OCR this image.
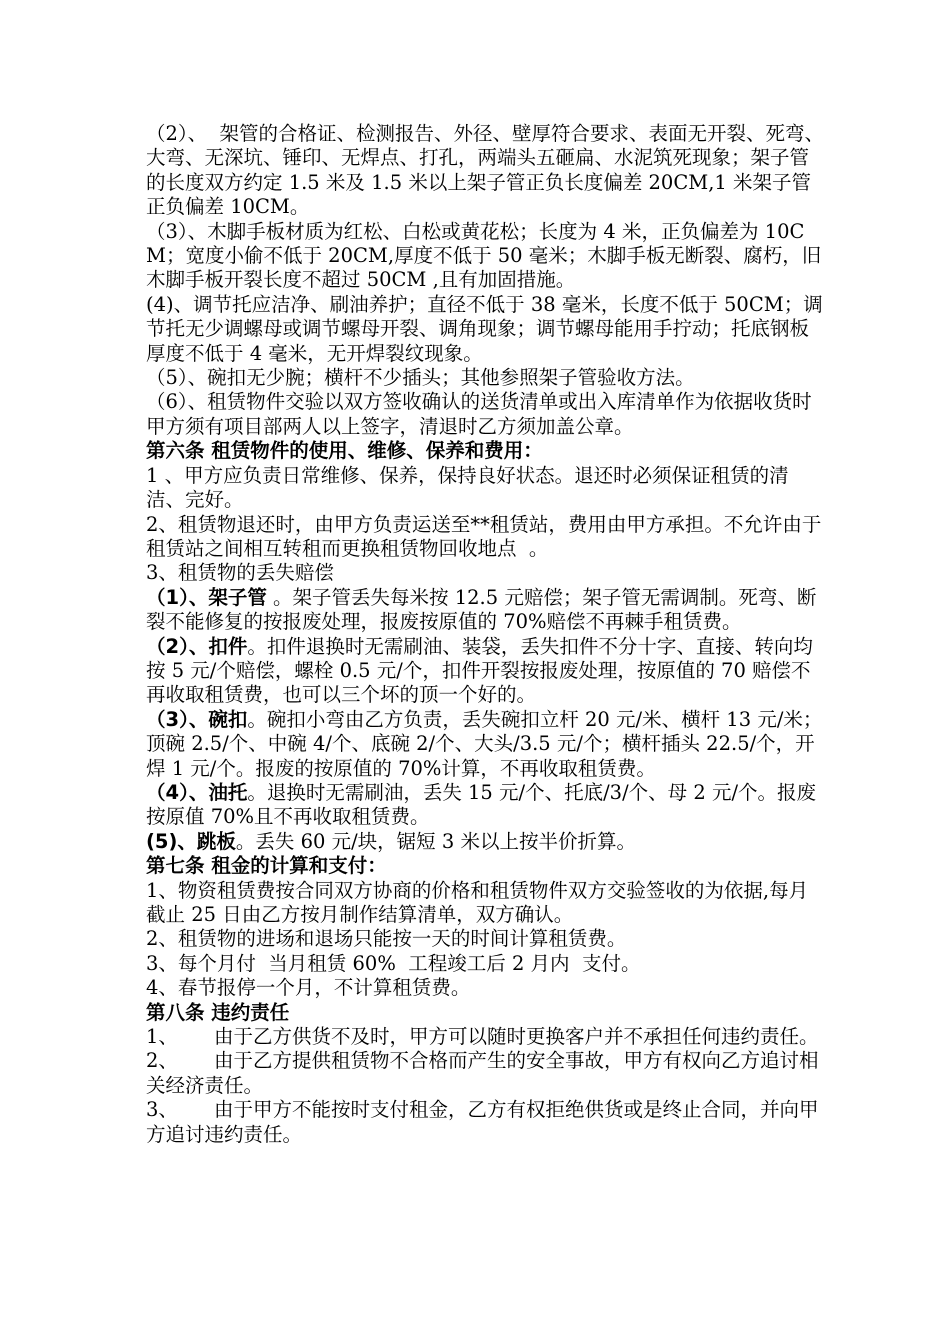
（2）、  架管的合格证、检测报告、外径、壁厚符合要求、表面无开裂、死弯、大弯、无深坑、锤印、无焊点、打孔，两端头五砸扁、水泥筑死现象；架子管的长度双方约定 1.5 米及 1.5 米以上架子管正负长度偏差 20CM,1 米架子管正负偏差 10CM。

（3）、木脚手板材质为红松、白松或黄花松；长度为 4 米，正负偏差为 10CM；宽度小偷不低于 20CM,厚度不低于 50 毫米；木脚手板无断裂、腐朽，旧木脚手板开裂长度不超过 50CM ,且有加固措施。

(4)、调节托应洁净、刷油养护；直径不低于 38 毫米，长度不低于 50CM；调节托无少调螺母或调节螺母开裂、调角现象；调节螺母能用手拧动；托底钢板厚度不低于 4 毫米，无开焊裂纹现象。

（5）、碗扣无少腕；横杆不少插头；其他参照架子管验收方法。

（6）、租赁物件交验以双方签收确认的送货清单或出入库清单作为依据收货时甲方须有项目部两人以上签字，清退时乙方须加盖公章。

第六条 租赁物件的使用、维修、保养和费用：

1 、甲方应负责日常维修、保养，保持良好状态。退还时必须保证租赁的清洁、完好。

2、租赁物退还时，由甲方负责运送至**租赁站，费用由甲方承担。不允许由于租赁站之间相互转租而更换租赁物回收地点  。

3、租赁物的丢失赔偿

（1）、架子管 。架子管丢失每米按 12.5 元赔偿；架子管无需调制。死弯、断裂不能修复的按报废处理，报废按原值的 70%赔偿不再棘手租赁费。

（2）、扣件。扣件退换时无需刷油、装袋，丢失扣件不分十字、直接、转向均按 5 元/个赔偿，螺栓 0.5 元/个，扣件开裂按报废处理，按原值的 70 赔偿不再收取租赁费，也可以三个坏的顶一个好的。

（3）、碗扣。碗扣小弯由乙方负责，丢失碗扣立杆 20 元/米、横杆 13 元/米；顶碗 2.5/个、中碗 4/个、底碗 2/个、大头/3.5 元/个；横杆插头 22.5/个，开焊 1 元/个。报废的按原值的 70%计算，不再收取租赁费。

（4）、油托。退换时无需刷油，丢失 15 元/个、托底/3/个、母 2 元/个。报废按原值 70%且不再收取租赁费。

(5)、跳板。丢失 60 元/块，锯短 3 米以上按半价折算。

第七条 租金的计算和支付：

1、物资租赁费按合同双方协商的价格和租赁物件双方交验签收的为依据,每月截止 25 日由乙方按月制作结算清单，双方确认。

2、租赁物的进场和退场只能按一天的时间计算租赁费。

3、每个月付  当月租赁 60%  工程竣工后 2 月内  支付。

4、春节报停一个月，不计算租赁费。

第八条 违约责任

1、 由于乙方供货不及时，甲方可以随时更换客户并不承担任何违约责任。

2、 由于乙方提供租赁物不合格而产生的安全事故，甲方有权向乙方追讨相关经济责任。

3、 由于甲方不能按时支付租金，乙方有权拒绝供货或是终止合同，并向甲方追讨违约责任。
